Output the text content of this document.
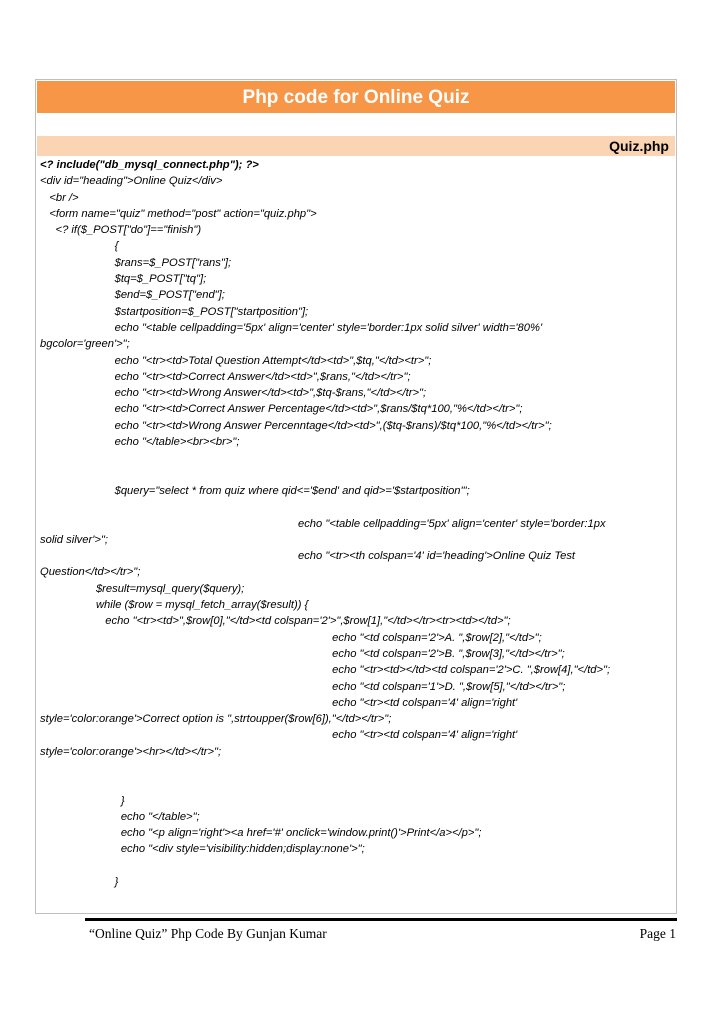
Php code for Online Quiz
Quiz.php
<? include("db_mysql_connect.php"); ?>
<div id="heading">Online Quiz</div>
<br />
<form name="quiz" method="post" action="quiz.php">
<? if($_POST["do"]=="finish")
{
$rans=$_POST["rans"];
$tq=$_POST["tq"];
$end=$_POST["end"];
$startposition=$_POST["startposition"];
echo "<table cellpadding='5px' align='center' style='border:1px solid silver' width='80%'
bgcolor='green'>";
echo "<tr><td>Total Question Attempt</td><td>",$tq,"</td><tr>";
echo "<tr><td>Correct Answer</td><td>",$rans,"</td></tr>";
echo "<tr><td>Wrong Answer</td><td>",$tq-$rans,"</td></tr>";
echo "<tr><td>Correct Answer Percentage</td><td>",$rans/$tq*100,"%</td></tr>";
echo "<tr><td>Wrong Answer Percenntage</td><td>",($tq-$rans)/$tq*100,"%</td></tr>";
echo "</table><br><br>";
$query="select * from quiz where qid<='$end' and qid>='$startposition'";
echo "<table cellpadding='5px' align='center' style='border:1px
solid silver'>";
echo "<tr><th colspan='4' id='heading'>Online Quiz Test
Question</td></tr>";
$result=mysql_query($query);
while ($row = mysql_fetch_array($result)) {
echo "<tr><td>",$row[0],"</td><td colspan='2'>",$row[1],"</td></tr><tr><td></td>";
echo "<td colspan='2'>A. ",$row[2],"</td>";
echo "<td colspan='2'>B. ",$row[3],"</td></tr>";
echo "<tr><td></td><td colspan='2'>C. ",$row[4],"</td>";
echo "<td colspan='1'>D. ",$row[5],"</td></tr>";
echo "<tr><td colspan='4' align='right'
style='color:orange'>Correct option is ",strtoupper($row[6]),"</td></tr>";
echo "<tr><td colspan='4' align='right'
style='color:orange'><hr></td></tr>";
}
echo "</table>";
echo "<p align='right'><a href='#' onclick='window.print()'>Print</a></p>";
echo "<div style='visibility:hidden;display:none'>";
}
“Online Quiz” Php Code By Gunjan Kumar	Page 1
